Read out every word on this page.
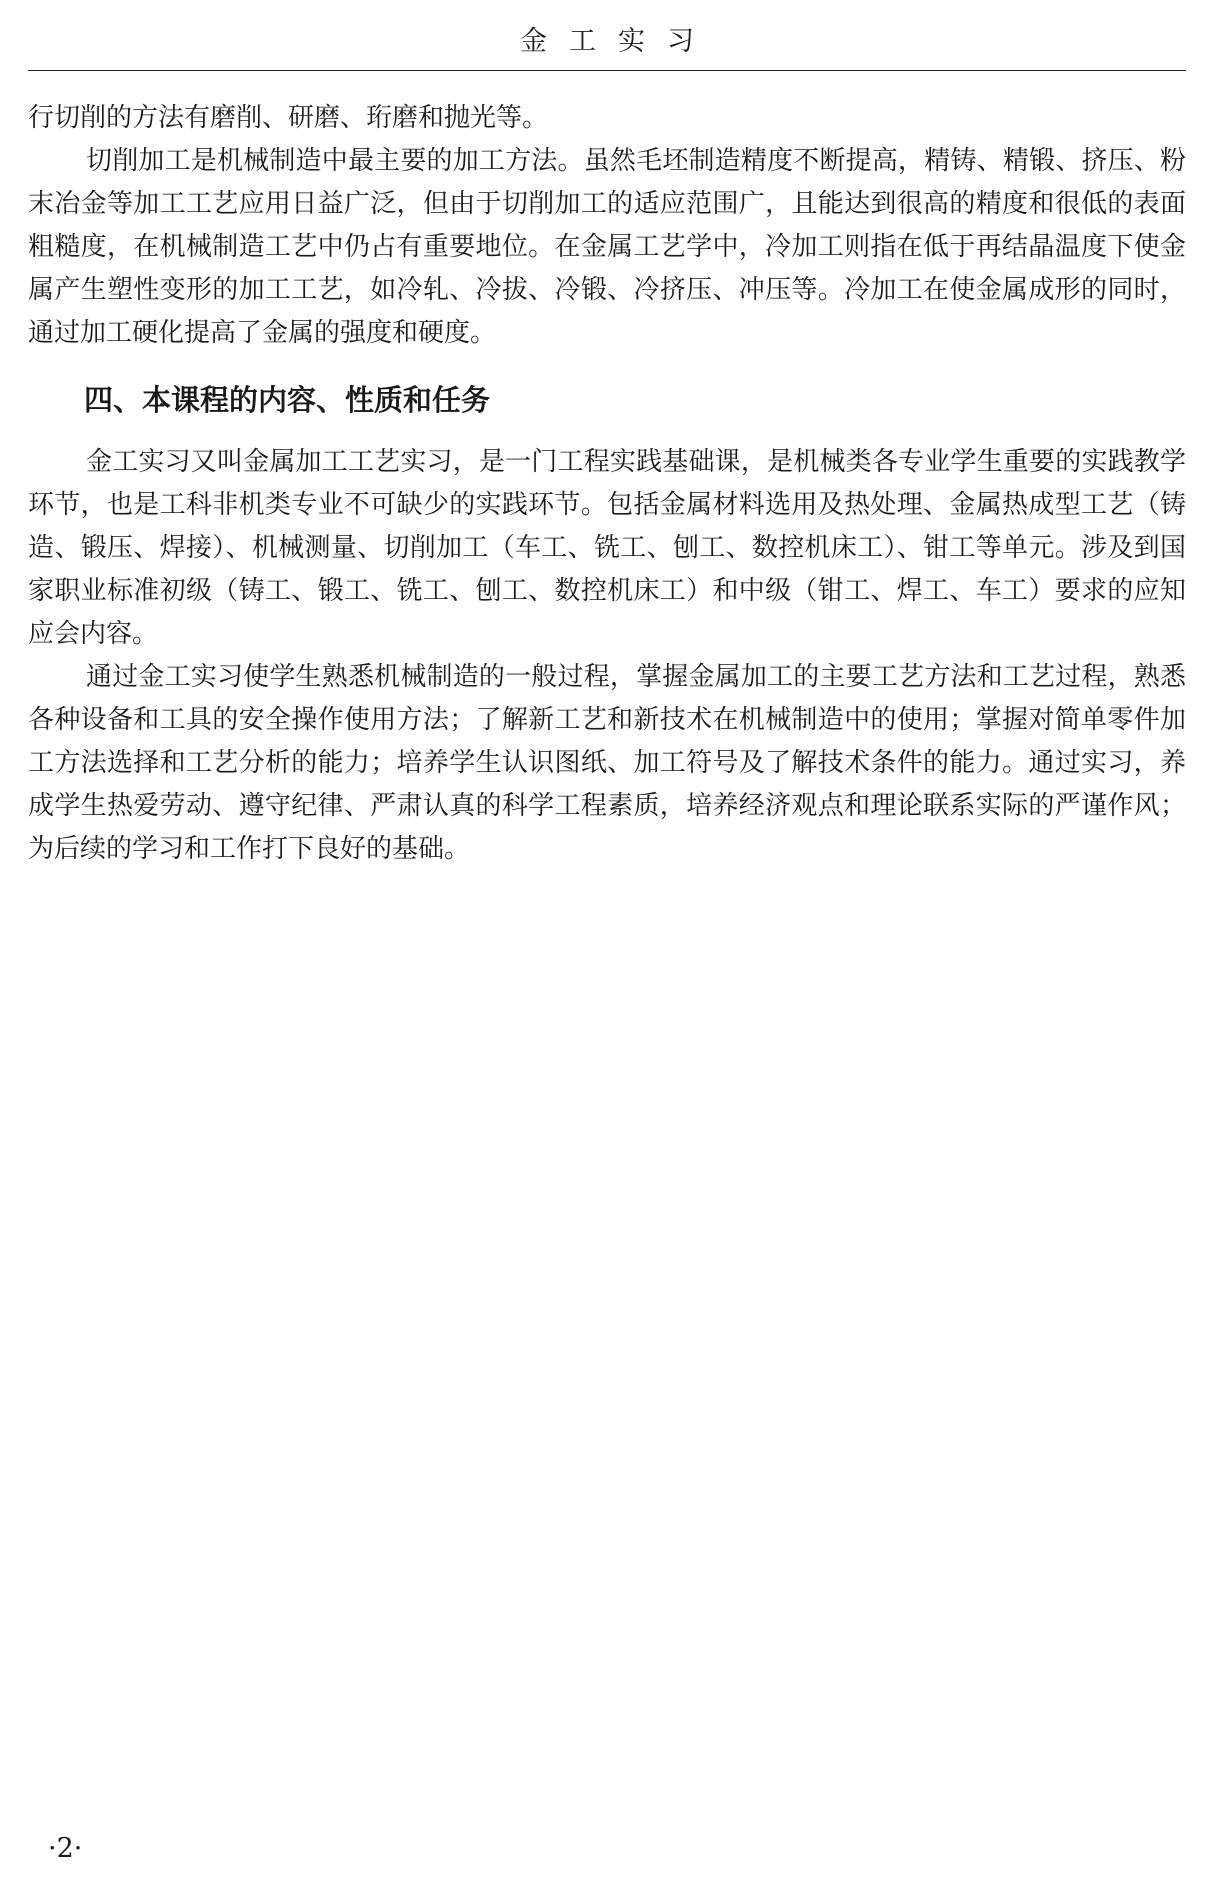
金工实习

行切削的方法有磨削、研磨、珩磨和抛光等。

切削加工是机械制造中最主要的加工方法。虽然毛坯制造精度不断提高，精铸、精锻、挤压、粉末冶金等加工工艺应用日益广泛，但由于切削加工的适应范围广，且能达到很高的精度和很低的表面粗糙度，在机械制造工艺中仍占有重要地位。在金属工艺学中，冷加工则指在低于再结晶温度下使金属产生塑性变形的加工工艺，如冷轧、冷拔、冷锻、冷挤压、冲压等。冷加工在使金属成形的同时，通过加工硬化提高了金属的强度和硬度。

四、本课程的内容、性质和任务

金工实习又叫金属加工工艺实习，是一门工程实践基础课，是机械类各专业学生重要的实践教学环节，也是工科非机类专业不可缺少的实践环节。包括金属材料选用及热处理、金属热成型工艺（铸造、锻压、焊接）、机械测量、切削加工（车工、铣工、刨工、数控机床工）、钳工等单元。涉及到国家职业标准初级（铸工、锻工、铣工、刨工、数控机床工）和中级（钳工、焊工、车工）要求的应知应会内容。

通过金工实习使学生熟悉机械制造的一般过程，掌握金属加工的主要工艺方法和工艺过程，熟悉各种设备和工具的安全操作使用方法；了解新工艺和新技术在机械制造中的使用；掌握对简单零件加工方法选择和工艺分析的能力；培养学生认识图纸、加工符号及了解技术条件的能力。通过实习，养成学生热爱劳动、遵守纪律、严肃认真的科学工程素质，培养经济观点和理论联系实际的严谨作风；为后续的学习和工作打下良好的基础。

·2·
